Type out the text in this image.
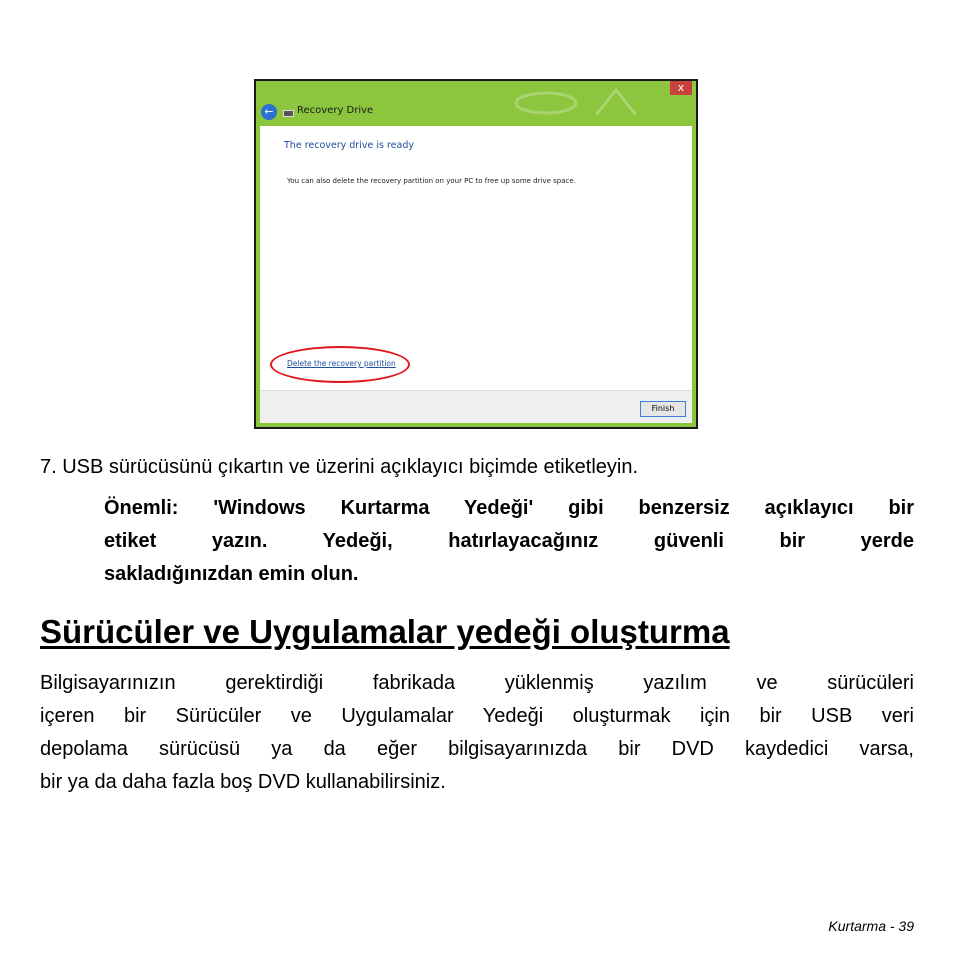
x
←	Recovery Drive
The recovery drive is ready
You can also delete the recovery partition on your PC to free up some drive space.
Delete the recovery partition
Finish
7. USB sürücüsünü çıkartın ve üzerini açıklayıcı biçimde etiketleyin.
Önemli: 'Windows Kurtarma Yedeği' gibi benzersiz açıklayıcı bir
etiket yazın. Yedeği, hatırlayacağınız güvenli bir yerde
sakladığınızdan emin olun.
Sürücüler ve Uygulamalar yedeği oluşturma
Bilgisayarınızın gerektirdiği fabrikada yüklenmiş yazılım ve sürücüleri
içeren bir Sürücüler ve Uygulamalar Yedeği oluşturmak için bir USB veri
depolama sürücüsü ya da eğer bilgisayarınızda bir DVD kaydedici varsa,
bir ya da daha fazla boş DVD kullanabilirsiniz.
Kurtarma - 39
